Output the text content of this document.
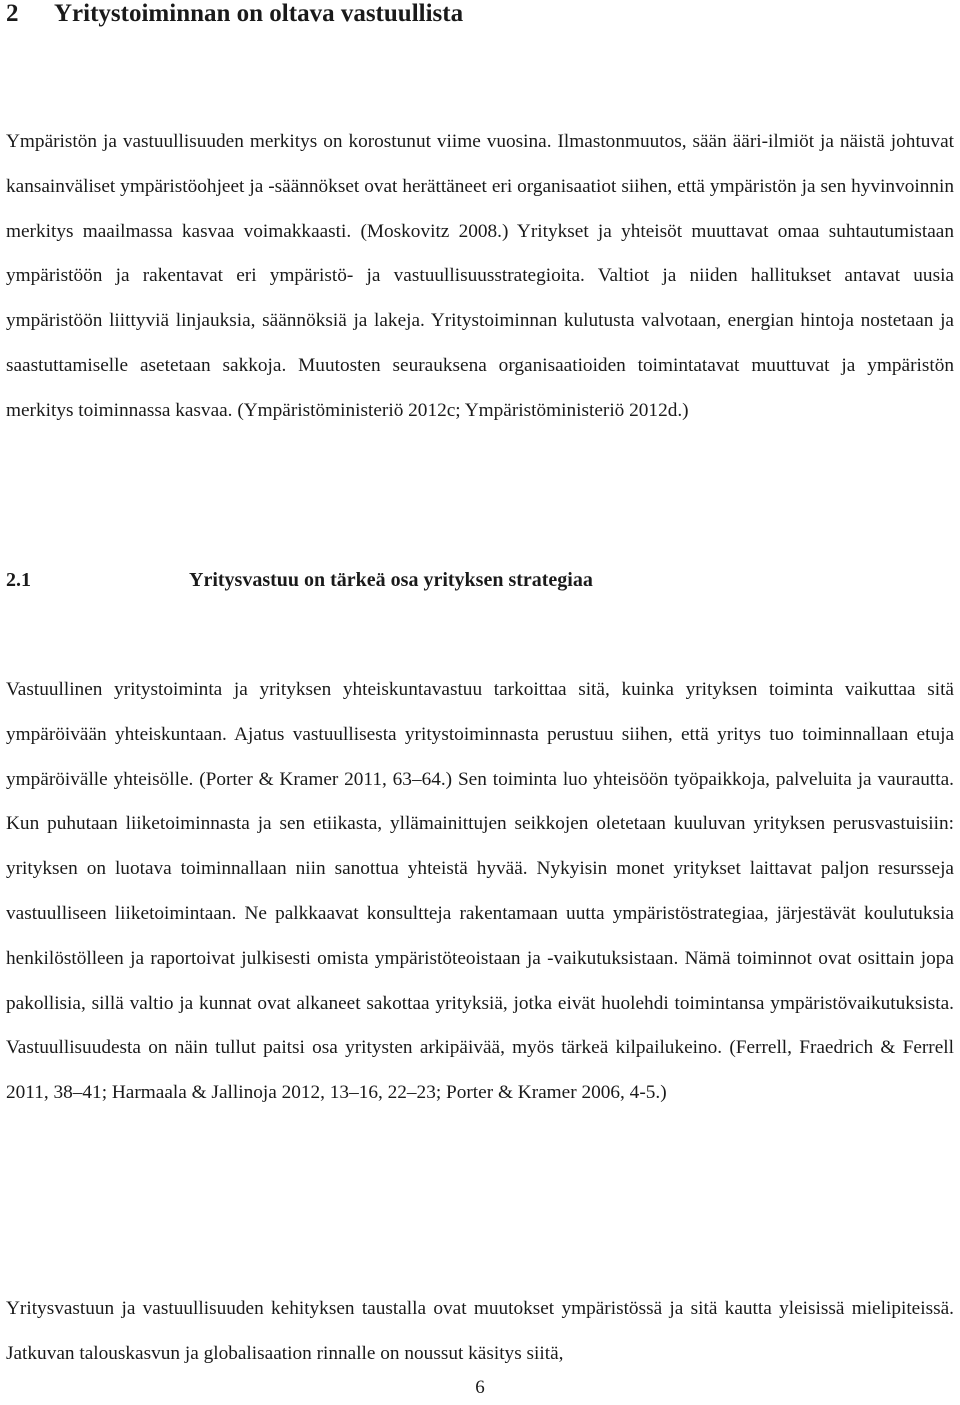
2 Yritystoiminnan on oltava vastuullista

Ympäristön ja vastuullisuuden merkitys on korostunut viime vuosina. Ilmastonmuutos, sään ääri-ilmiöt ja näistä johtuvat kansainväliset ympäristöohjeet ja -säännökset ovat herättäneet eri organisaatiot siihen, että ympäristön ja sen hyvinvoinnin merkitys maailmassa kasvaa voimakkaasti. (Moskovitz 2008.) Yritykset ja yhteisöt muuttavat omaa suhtautumistaan ympäristöön ja rakentavat eri ympäristö- ja vastuullisuusstrategioita. Valtiot ja niiden hallitukset antavat uusia ympäristöön liittyviä linjauksia, säännöksiä ja lakeja. Yritystoiminnan kulutusta valvotaan, energian hintoja nostetaan ja saastuttamiselle asetetaan sakkoja. Muutosten seurauksena organisaatioiden toimintatavat muuttuvat ja ympäristön merkitys toiminnassa kasvaa. (Ympäristöministeriö 2012c; Ympäristöministeriö 2012d.)

2.1	Yritysvastuu on tärkeä osa yrityksen strategiaa

Vastuullinen yritystoiminta ja yrityksen yhteiskuntavastuu tarkoittaa sitä, kuinka yrityksen toiminta vaikuttaa sitä ympäröivään yhteiskuntaan. Ajatus vastuullisesta yritystoiminnasta perustuu siihen, että yritys tuo toiminnallaan etuja ympäröivälle yhteisölle. (Porter & Kramer 2011, 63–64.) Sen toiminta luo yhteisöön työpaikkoja, palveluita ja vaurautta. Kun puhutaan liiketoiminnasta ja sen etiikasta, yllämainittujen seikkojen oletetaan kuuluvan yrityksen perusvastuisiin: yrityksen on luotava toiminnallaan niin sanottua yhteistä hyvää. Nykyisin monet yritykset laittavat paljon resursseja vastuulliseen liiketoimintaan. Ne palkkaavat konsultteja rakentamaan uutta ympäristöstrategiaa, järjestävät koulutuksia henkilöstölleen ja raportoivat julkisesti omista ympäristöteoistaan ja -vaikutuksistaan. Nämä toiminnot ovat osittain jopa pakollisia, sillä valtio ja kunnat ovat alkaneet sakottaa yrityksiä, jotka eivät huolehdi toimintansa ympäristövaikutuksista. Vastuullisuudesta on näin tullut paitsi osa yritysten arkipäivää, myös tärkeä kilpailukeino. (Ferrell, Fraedrich & Ferrell 2011, 38–41; Harmaala & Jallinoja 2012, 13–16, 22–23; Porter & Kramer 2006, 4-5.)

Yritysvastuun ja vastuullisuuden kehityksen taustalla ovat muutokset ympäristössä ja sitä kautta yleisissä mielipiteissä. Jatkuvan talouskasvun ja globalisaation rinnalle on noussut käsitys siitä,

6
